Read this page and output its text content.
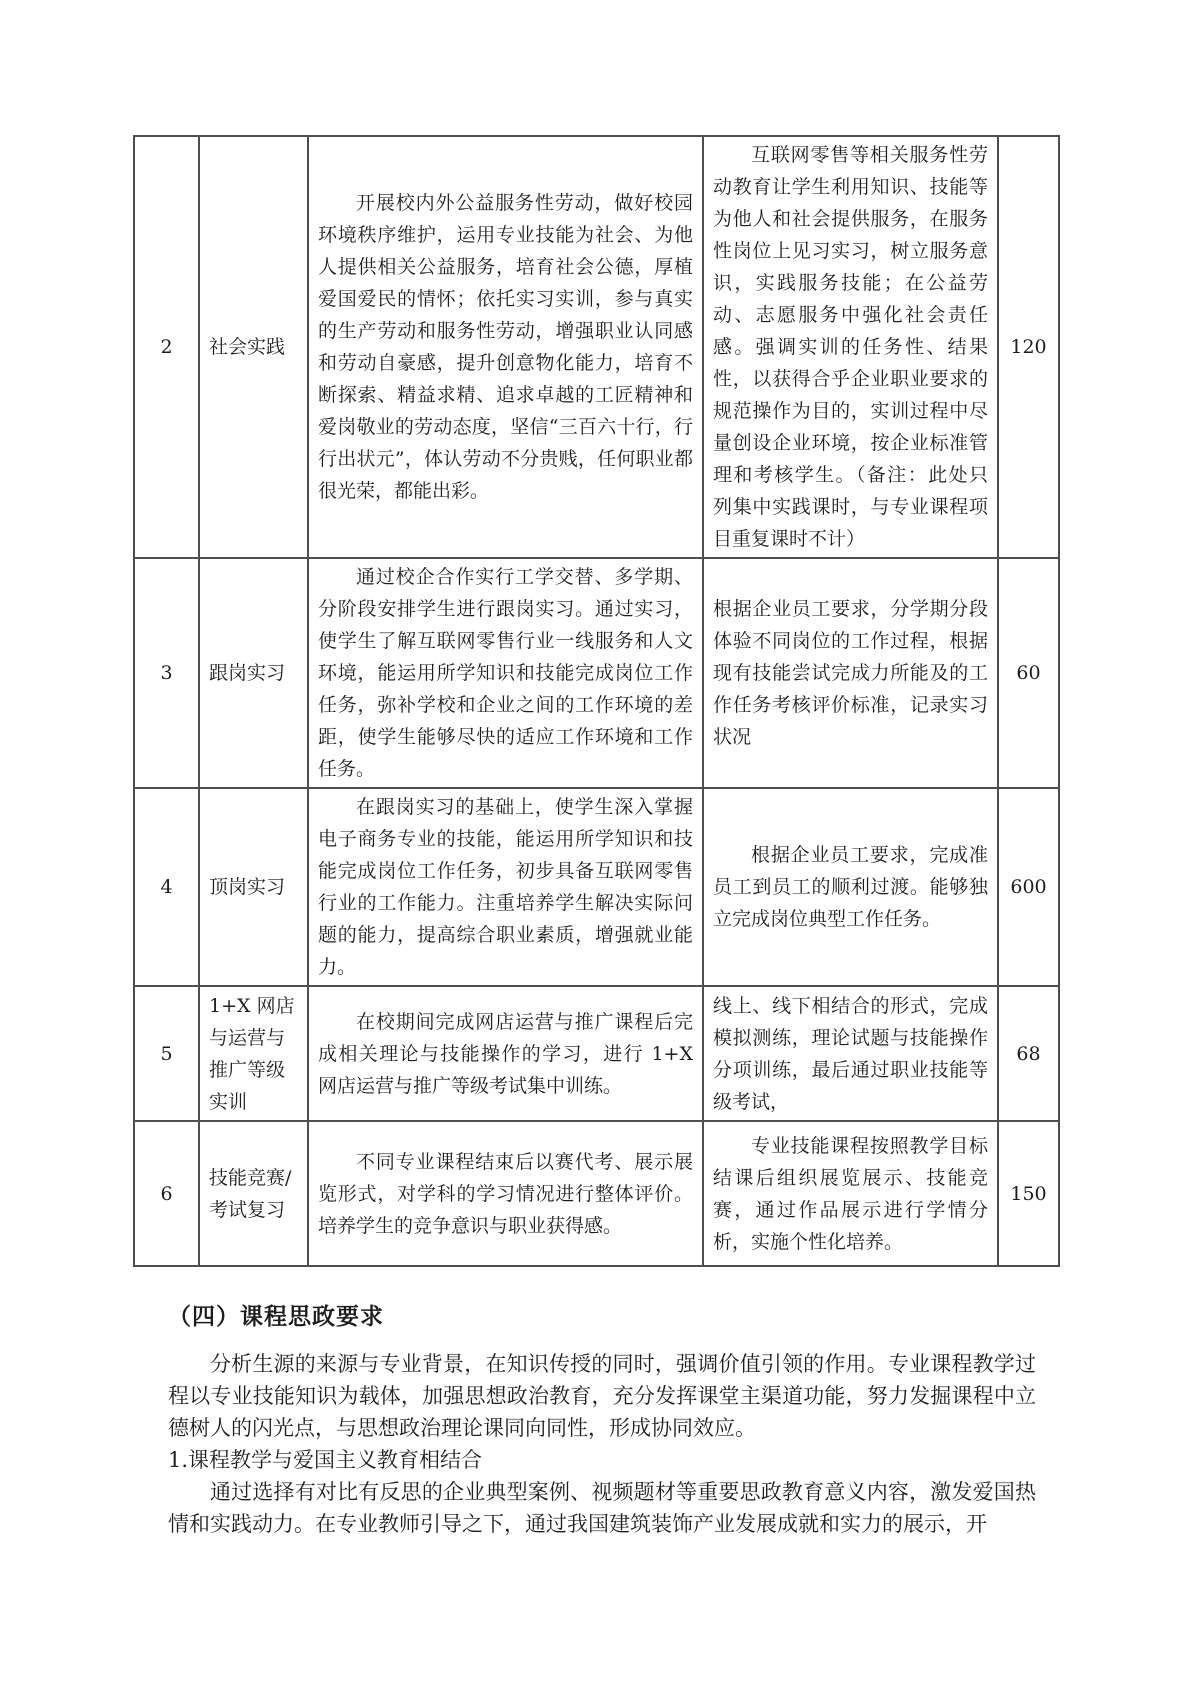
2	社会实践	开展校内外公益服务性劳动，做好校园环境秩序维护，运用专业技能为社会、为他人提供相关公益服务，培育社会公德，厚植爱国爱民的情怀；依托实习实训，参与真实的生产劳动和服务性劳动，增强职业认同感和劳动自豪感，提升创意物化能力，培育不断探索、精益求精、追求卓越的工匠精神和爱岗敬业的劳动态度，坚信“三百六十行，行行出状元”，体认劳动不分贵贱，任何职业都很光荣，都能出彩。	互联网零售等相关服务性劳动教育让学生利用知识、技能等为他人和社会提供服务，在服务性岗位上见习实习，树立服务意识，实践服务技能；在公益劳动、志愿服务中强化社会责任感。强调实训的任务性、结果性，以获得合乎企业职业要求的规范操作为目的，实训过程中尽量创设企业环境，按企业标准管理和考核学生。（备注：此处只列集中实践课时，与专业课程项目重复课时不计）	120
3	跟岗实习	通过校企合作实行工学交替、多学期、分阶段安排学生进行跟岗实习。通过实习，使学生了解互联网零售行业一线服务和人文环境，能运用所学知识和技能完成岗位工作任务，弥补学校和企业之间的工作环境的差距，使学生能够尽快的适应工作环境和工作任务。	根据企业员工要求，分学期分段体验不同岗位的工作过程，根据现有技能尝试完成力所能及的工作任务考核评价标准，记录实习状况	60
4	顶岗实习	在跟岗实习的基础上，使学生深入掌握电子商务专业的技能，能运用所学知识和技能完成岗位工作任务，初步具备互联网零售行业的工作能力。注重培养学生解决实际问题的能力，提高综合职业素质，增强就业能力。	根据企业员工要求，完成准员工到员工的顺利过渡。能够独立完成岗位典型工作任务。	600
5	1+X 网店与运营与推广等级实训	在校期间完成网店运营与推广课程后完成相关理论与技能操作的学习，进行 1+X 网店运营与推广等级考试集中训练。	线上、线下相结合的形式，完成模拟测练，理论试题与技能操作分项训练，最后通过职业技能等级考试，	68
6	技能竞赛/考试复习	不同专业课程结束后以赛代考、展示展览形式，对学科的学习情况进行整体评价。培养学生的竞争意识与职业获得感。	专业技能课程按照教学目标结课后组织展览展示、技能竞赛，通过作品展示进行学情分析，实施个性化培养。	150
（四）课程思政要求

分析生源的来源与专业背景，在知识传授的同时，强调价值引领的作用。专业课程教学过程以专业技能知识为载体，加强思想政治教育，充分发挥课堂主渠道功能，努力发掘课程中立德树人的闪光点，与思想政治理论课同向同性，形成协同效应。

1.课程教学与爱国主义教育相结合

通过选择有对比有反思的企业典型案例、视频题材等重要思政教育意义内容，激发爱国热情和实践动力。在专业教师引导之下，通过我国建筑装饰产业发展成就和实力的展示，开
